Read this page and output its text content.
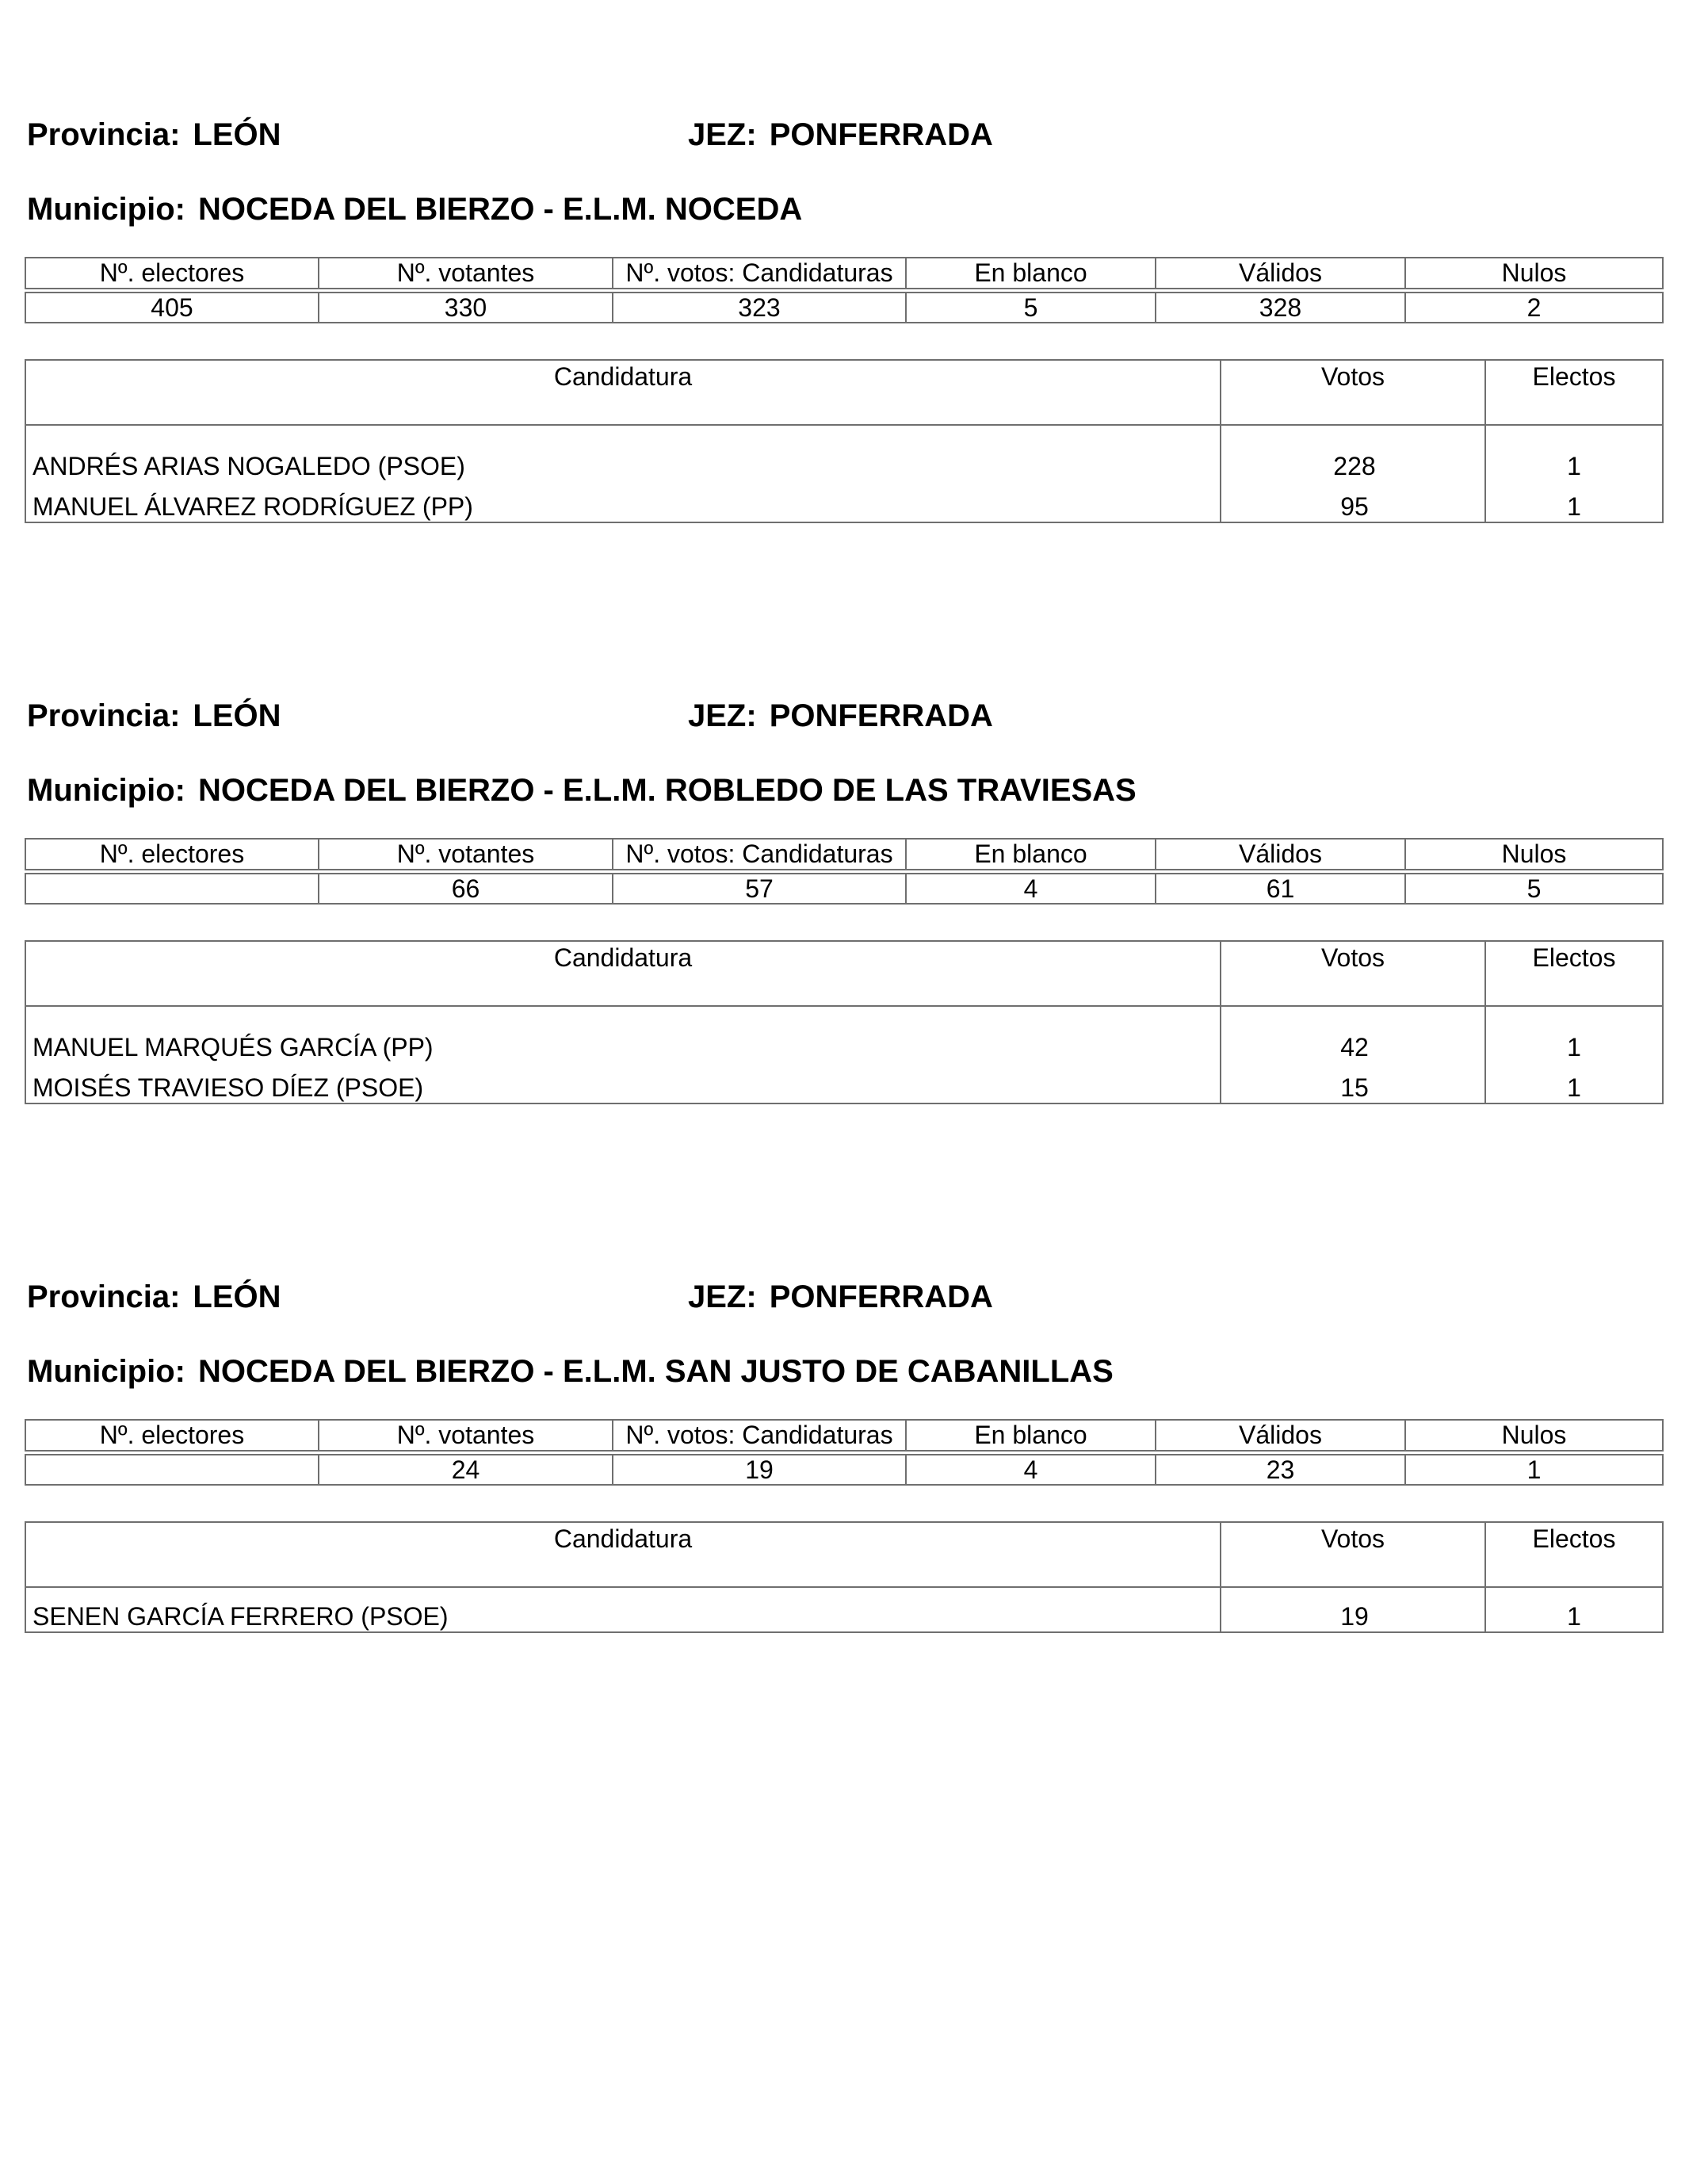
Provincia: LEÓN	JEZ: PONFERRADA
Municipio: NOCEDA DEL BIERZO - E.L.M. NOCEDA
Nº. electores	Nº. votantes	Nº. votos: Candidaturas	En blanco	Válidos	Nulos
405	330	323	5	328	2
Candidatura	Votos	Electos
ANDRÉS ARIAS NOGALEDO (PSOE)	228	1
MANUEL ÁLVAREZ RODRÍGUEZ (PP)	95	1
Provincia: LEÓN	JEZ: PONFERRADA
Municipio: NOCEDA DEL BIERZO - E.L.M. ROBLEDO DE LAS TRAVIESAS
Nº. electores	Nº. votantes	Nº. votos: Candidaturas	En blanco	Válidos	Nulos
	66	57	4	61	5
Candidatura	Votos	Electos
MANUEL MARQUÉS GARCÍA (PP)	42	1
MOISÉS TRAVIESO DÍEZ (PSOE)	15	1
Provincia: LEÓN	JEZ: PONFERRADA
Municipio: NOCEDA DEL BIERZO - E.L.M. SAN JUSTO DE CABANILLAS
Nº. electores	Nº. votantes	Nº. votos: Candidaturas	En blanco	Válidos	Nulos
	24	19	4	23	1
Candidatura	Votos	Electos
SENEN GARCÍA FERRERO (PSOE)	19	1
